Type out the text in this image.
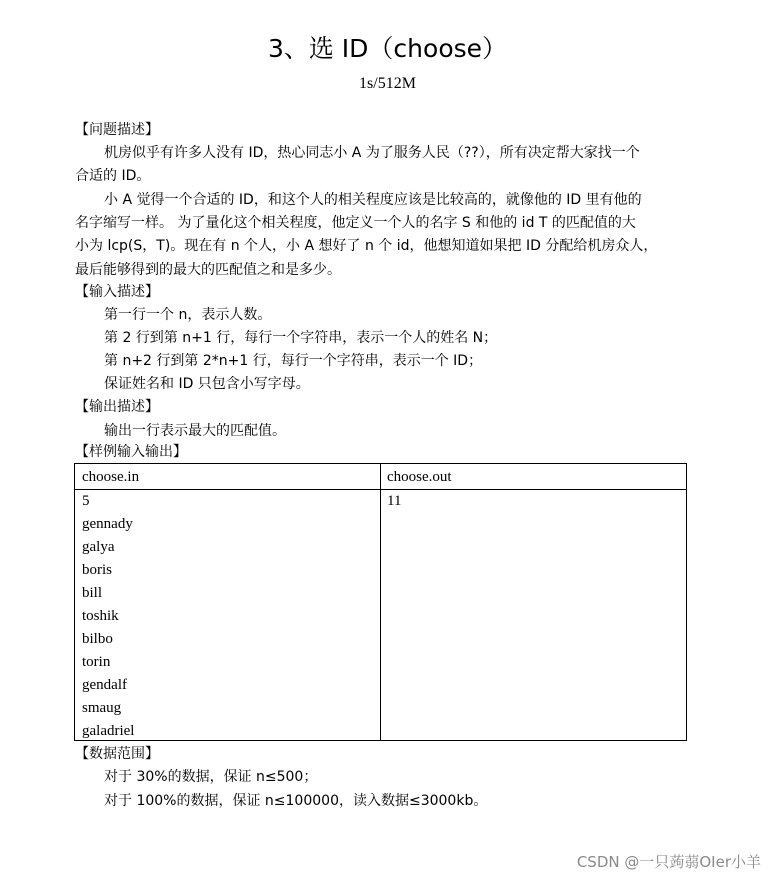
3、选 ID（choose）
1s/512M
【问题描述】
机房似乎有许多人没有 ID，热心同志小 A 为了服务人民（??），所有决定帮大家找一个
合适的 ID。
小 A 觉得一个合适的 ID，和这个人的相关程度应该是比较高的，就像他的 ID 里有他的
名字缩写一样。 为了量化这个相关程度，他定义一个人的名字 S 和他的 id T 的匹配值的大
小为 lcp(S，T)。现在有 n 个人，小 A 想好了 n 个 id，他想知道如果把 ID 分配给机房众人，
最后能够得到的最大的匹配值之和是多少。
【输入描述】
第一行一个 n，表示人数。
第 2 行到第 n+1 行，每行一个字符串，表示一个人的姓名 N；
第 n+2 行到第 2*n+1 行，每行一个字符串，表示一个 ID；
保证姓名和 ID 只包含小写字母。
【输出描述】
输出一行表示最大的匹配值。
【样例输入输出】
choose.in	choose.out
5
gennady
galya
boris
bill
toshik
bilbo
torin
gendalf
smaug
galadriel
11
【数据范围】
对于 30%的数据，保证 n≤500；
对于 100%的数据，保证 n≤100000，读入数据≤3000kb。
CSDN @一只蒟蒻OIer小羊
